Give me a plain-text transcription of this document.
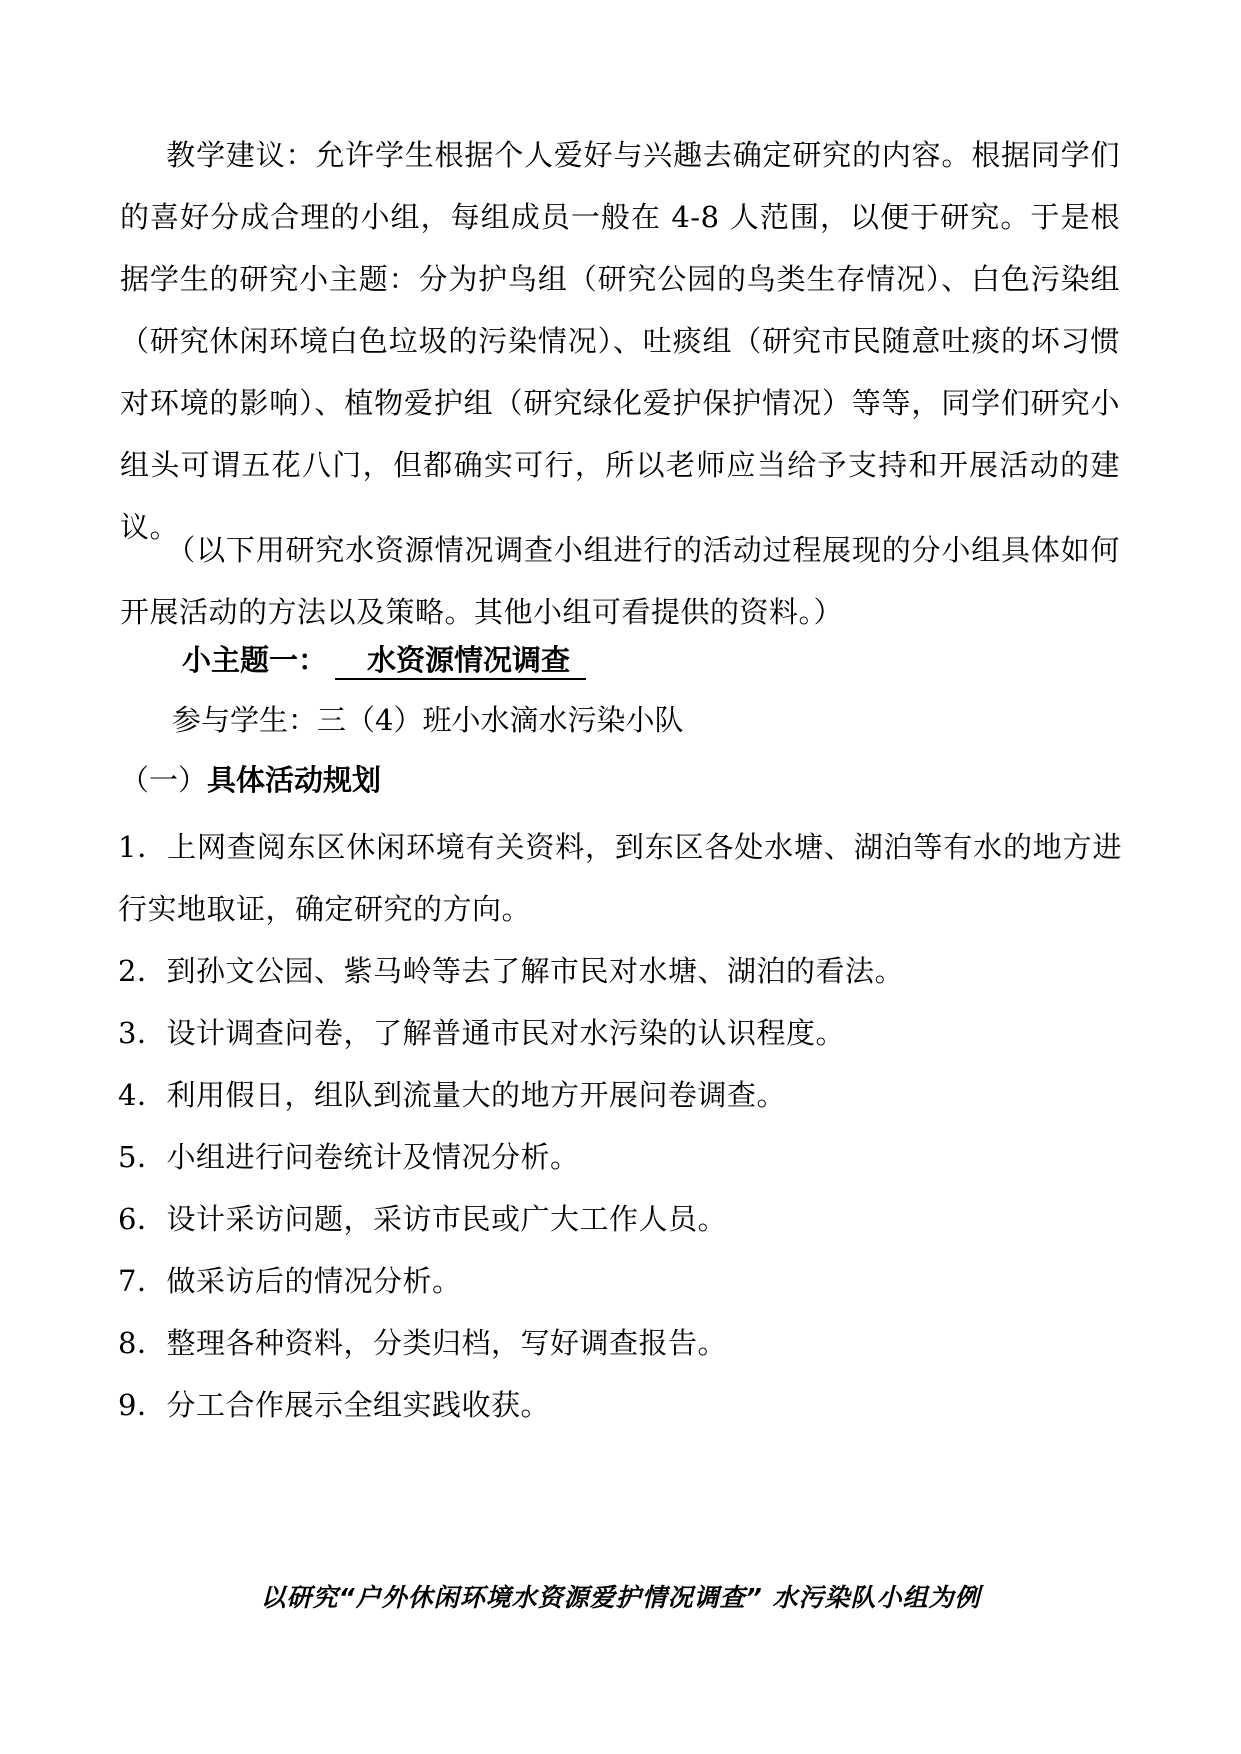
教学建议：允许学生根据个人爱好与兴趣去确定研究的内容。根据同学们的喜好分成合理的小组，每组成员一般在 4-8 人范围，以便于研究。于是根据学生的研究小主题：分为护鸟组（研究公园的鸟类生存情况）、白色污染组（研究休闲环境白色垃圾的污染情况）、吐痰组（研究市民随意吐痰的坏习惯对环境的影响）、植物爱护组（研究绿化爱护保护情况）等等，同学们研究小组头可谓五花八门，但都确实可行，所以老师应当给予支持和开展活动的建议。

（以下用研究水资源情况调查小组进行的活动过程展现的分小组具体如何开展活动的方法以及策略。其他小组可看提供的资料。）

小主题一： 水资源情况调查
参与学生：三（4）班小水滴水污染小队
（一）具体活动规划
1．上网查阅东区休闲环境有关资料，到东区各处水塘、湖泊等有水的地方进行实地取证，确定研究的方向。
2．到孙文公园、紫马岭等去了解市民对水塘、湖泊的看法。
3．设计调查问卷，了解普通市民对水污染的认识程度。
4．利用假日，组队到流量大的地方开展问卷调查。
5．小组进行问卷统计及情况分析。
6．设计采访问题，采访市民或广大工作人员。
7．做采访后的情况分析。
8．整理各种资料，分类归档，写好调查报告。
9．分工合作展示全组实践收获。
以研究“户外休闲环境水资源爱护情况调查” 水污染队小组为例
